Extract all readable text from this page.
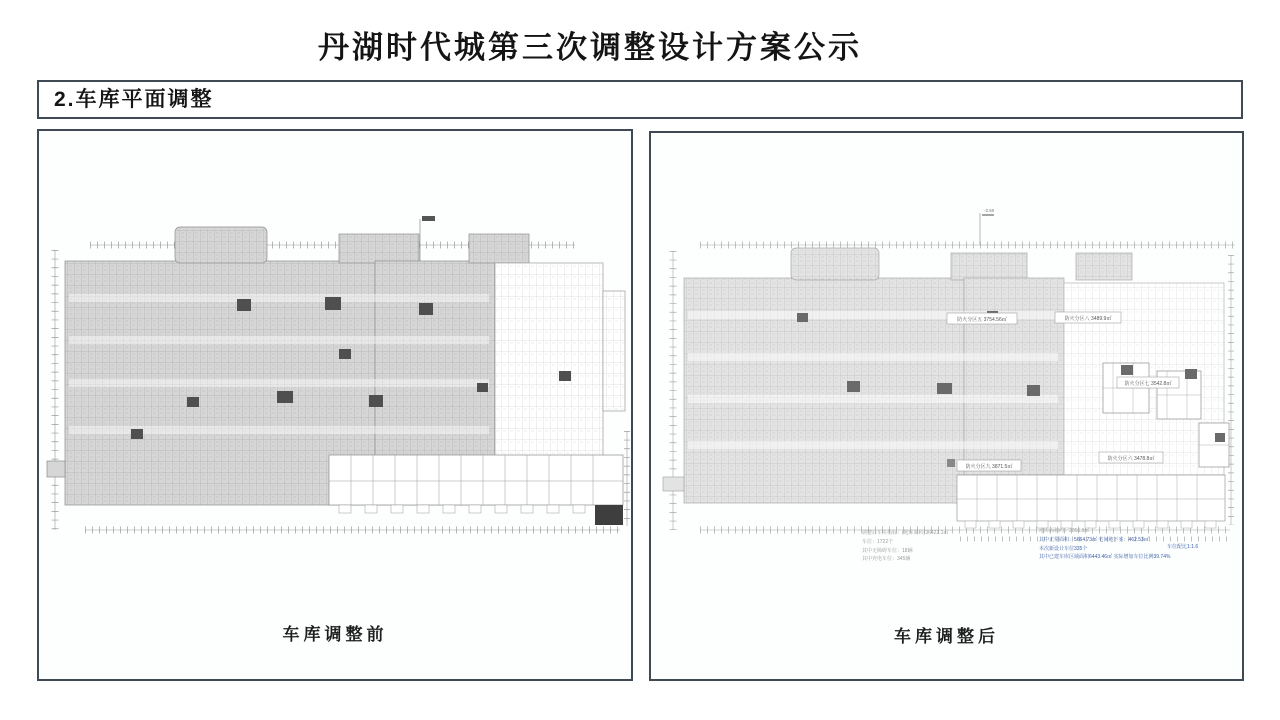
丹湖时代城第三次调整设计方案公示
2.车库平面调整
车库调整前
-2.50
防火分区五 3754.56㎡	防火分区八 3489.9㎡
防火分区七 3542.8㎡
防火分区九 3871.5㎡
防火分区六 3478.8㎡
调整后车库指标：(地库面积)36422.1㎡
车位：1722个
其中无障碍车位：18辆
其中充电车位：345辆
地库面积约：3056.9㎡
其中正常面积：5664.73㎡ 宅间地下室：462.53㎡
本次新设计车位335个
其中已建车库区域面积6443.46㎡ 实际增加车位比例39.74%
车位配比1:1.6
车库调整后
